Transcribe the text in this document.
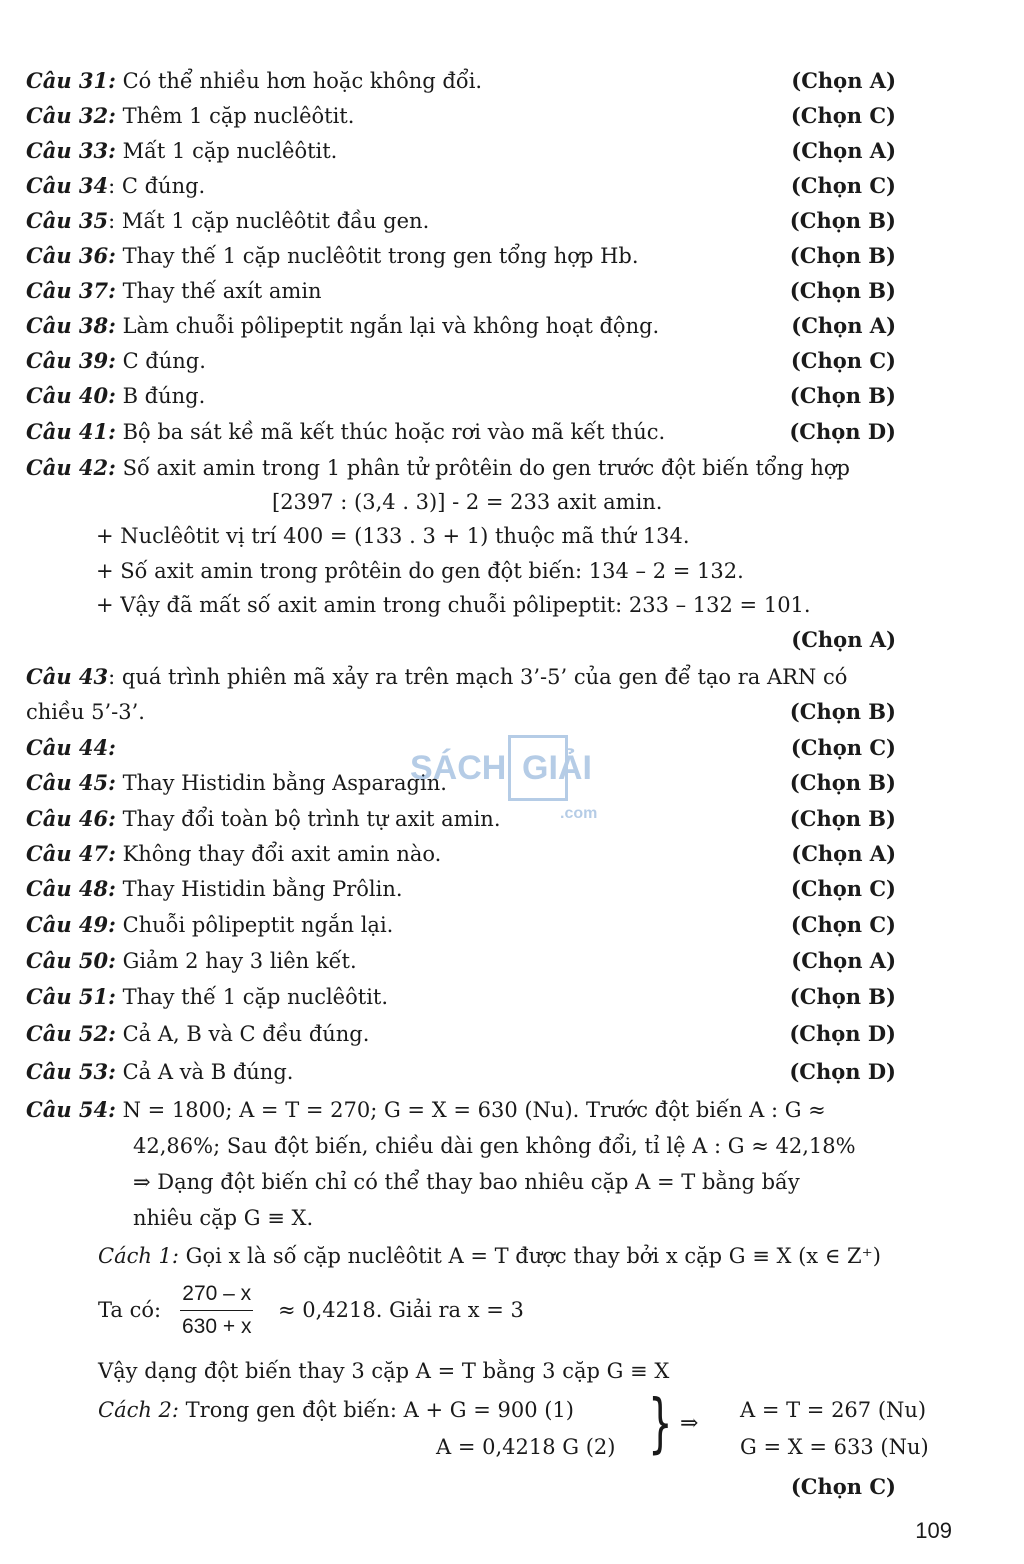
Câu 31: Có thể nhiều hơn hoặc không đổi.	(Chọn A)
Câu 32: Thêm 1 cặp nuclêôtit.	(Chọn C)
Câu 33: Mất 1 cặp nuclêôtit.	(Chọn A)
Câu 34: C đúng.	(Chọn C)
Câu 35: Mất 1 cặp nuclêôtit đầu gen.	(Chọn B)
Câu 36: Thay thế 1 cặp nuclêôtit trong gen tổng hợp Hb.	(Chọn B)
Câu 37: Thay thế axít amin	(Chọn B)
Câu 38: Làm chuỗi pôlipeptit ngắn lại và không hoạt động.	(Chọn A)
Câu 39: C đúng.	(Chọn C)
Câu 40: B đúng.	(Chọn B)
Câu 41: Bộ ba sát kề mã kết thúc hoặc rơi vào mã kết thúc.	(Chọn D)
Câu 42: Số axit amin trong 1 phân tử prôtêin do gen trước đột biến tổng hợp
[2397 : (3,4 . 3)] - 2 = 233 axit amin.
+ Nuclêôtit vị trí 400 = (133 . 3 + 1) thuộc mã thứ 134.
+ Số axit amin trong prôtêin do gen đột biến: 134 – 2 = 132.
+ Vậy đã mất số axit amin trong chuỗi pôlipeptit: 233 – 132 = 101.
(Chọn A)
Câu 43: quá trình phiên mã xảy ra trên mạch 3’-5’ của gen để tạo ra ARN có
chiều 5’-3’.	(Chọn B)
Câu 44:	(Chọn C)
Câu 45: Thay Histidin bằng Asparagin.	(Chọn B)
Câu 46: Thay đổi toàn bộ trình tự axit amin.	(Chọn B)
Câu 47: Không thay đổi axit amin nào.	(Chọn A)
Câu 48: Thay Histidin bằng Prôlin.	(Chọn C)
Câu 49: Chuỗi pôlipeptit ngắn lại.	(Chọn C)
Câu 50: Giảm 2 hay 3 liên kết.	(Chọn A)
Câu 51: Thay thế 1 cặp nuclêôtit.	(Chọn B)
Câu 52: Cả A, B và C đều đúng.	(Chọn D)
Câu 53: Cả A và B đúng.	(Chọn D)
Câu 54: N = 1800; A = T = 270; G = X = 630 (Nu). Trước đột biến A : G ≈
42,86%; Sau đột biến, chiều dài gen không đổi, tỉ lệ A : G ≈ 42,18%
⇒ Dạng đột biến chỉ có thể thay bao nhiêu cặp A = T bằng bấy
nhiêu cặp G ≡ X.
Cách 1: Gọi x là số cặp nuclêôtit A = T được thay bởi x cặp G ≡ X (x ∈ Z⁺)
Ta có: $\frac{270 - x}{630 + x} \approx 0,4218$. Giải ra x = 3
Vậy dạng đột biến thay 3 cặp A = T bằng 3 cặp G ≡ X
Cách 2: Trong gen đột biến: A + G = 900 (1)
A = 0,4218 G (2) } ⇒
A = T = 267 (Nu)
G = X = 633 (Nu)
(Chọn C)
SÁCH GIẢI
.com
109
